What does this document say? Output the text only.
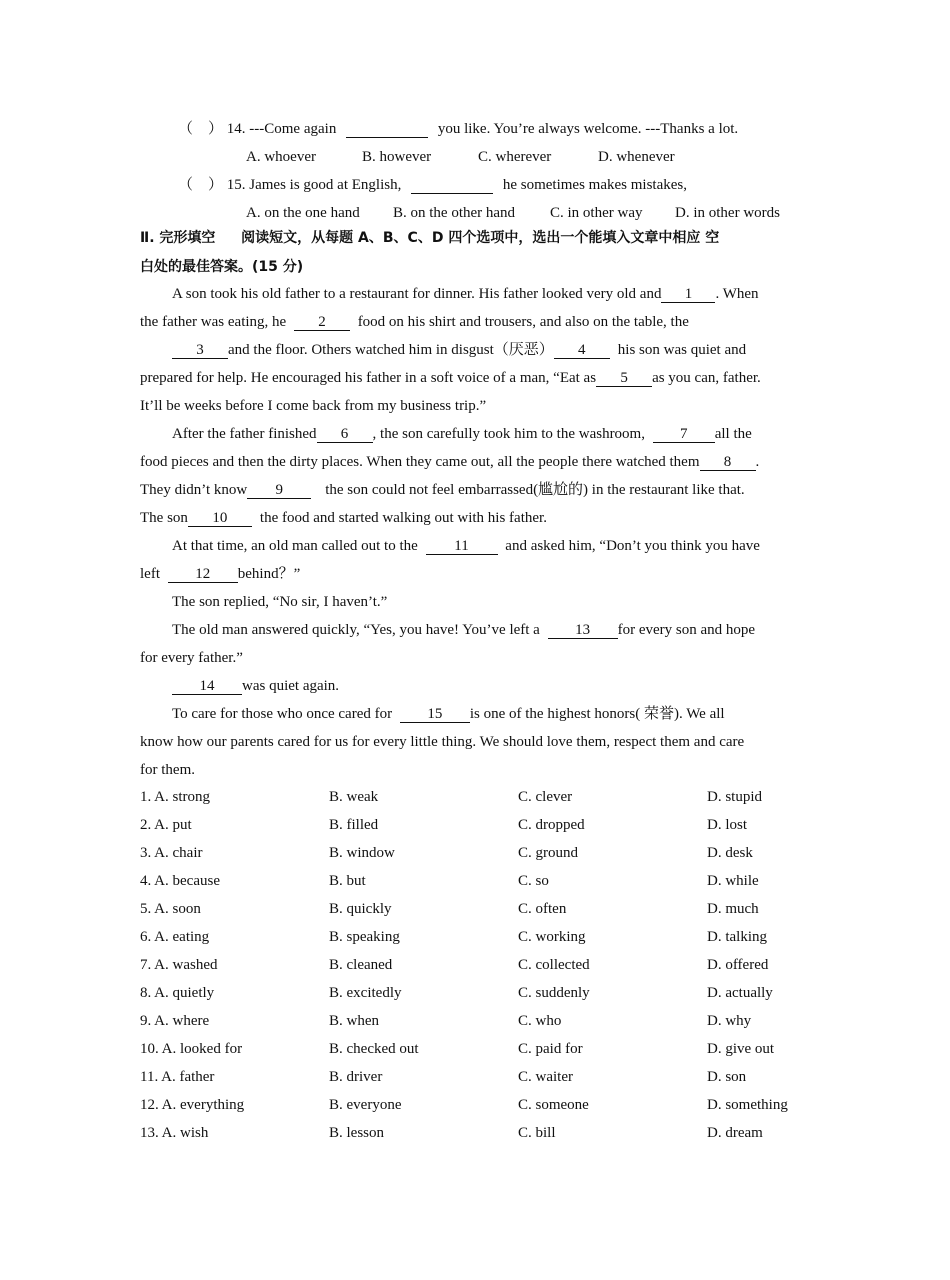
（　） 14. ---Come again	you like. You’re always welcome. ---Thanks a lot.
A. whoever	B. however	C. wherever	D. whenever
（　） 15. James is good at English,	he sometimes makes mistakes,
A. on the one hand B. on the other hand C. in other way D. in other words
Ⅱ. 完形填空 阅读短文，从每题 A、B、C、D 四个选项中，选出一个能填入文章中相应 空
白处的最佳答案。(15 分)
A son took his old father to a restaurant for dinner. His father looked very old and 1 . When
the father was eating, he 2 food on his shirt and trousers, and also on the table, the
3 and the floor. Others watched him in disgust（厌恶） 4 his son was quiet and
prepared for help. He encouraged his father in a soft voice of a man, “Eat as 5 as you can, father.
It’ll be weeks before I come back from my business trip.”
After the father finished 6 , the son carefully took him to the washroom, 7 all the
food pieces and then the dirty places. When they came out, all the people there watched them 8 .
They didn’t know 9	the son could not feel embarrassed(尴尬的) in the restaurant like that.
The son 10 the food and started walking out with his father.
At that time, an old man called out to the 11 and asked him, “Don’t you think you have
left 12 behind？”
The son replied, “No sir, I haven’t.”
The old man answered quickly, “Yes, you have! You’ve left a 13 for every son and hope
for every father.”
14 was quiet again.
To care for those who once cared for 15 is one of the highest honors( 荣誉). We all
know how our parents cared for us for every little thing. We should love them, respect them and care
for them.
1. A. strong	B. weak	C. clever	D. stupid
2. A. put	B. filled	C. dropped	D. lost
3. A. chair	B. window	C. ground	D. desk
4. A. because	B. but	C. so	D. while
5. A. soon	B. quickly	C. often	D. much
6. A. eating	B. speaking	C. working	D. talking
7. A. washed	B. cleaned	C. collected	D. offered
8. A. quietly	B. excitedly	C. suddenly	D. actually
9. A. where	B. when	C. who	D. why
10. A. looked for	B. checked out	C. paid for	D. give out
11. A. father	B. driver	C. waiter	D. son
12. A. everything	B. everyone	C. someone	D. something
13. A. wish	B. lesson	C. bill	D. dream
